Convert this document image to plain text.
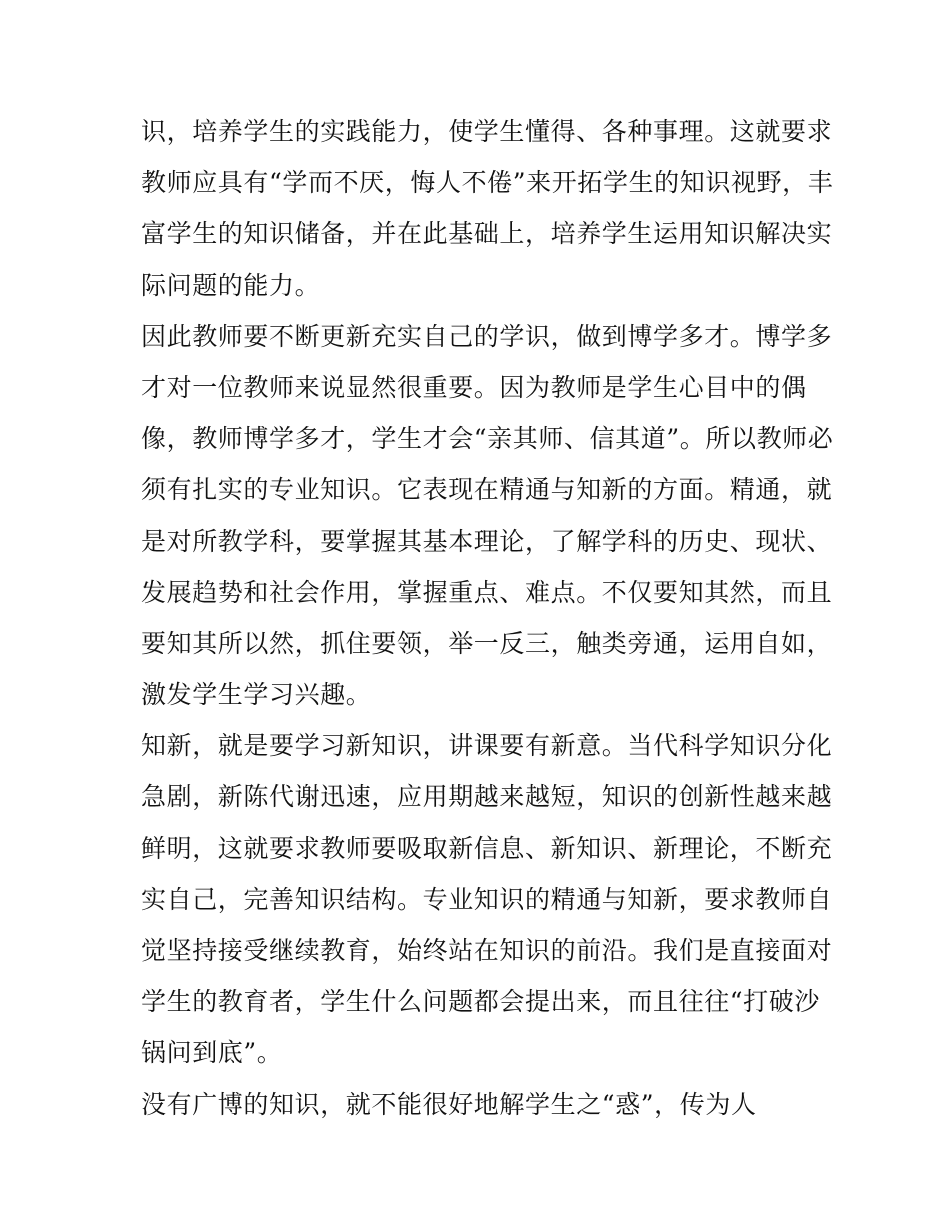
识，培养学生的实践能力，使学生懂得、各种事理。这就要求
教师应具有“学而不厌，悔人不倦”来开拓学生的知识视野，丰
富学生的知识储备，并在此基础上，培养学生运用知识解决实
际问题的能力。
因此教师要不断更新充实自己的学识，做到博学多才。博学多
才对一位教师来说显然很重要。因为教师是学生心目中的偶
像，教师博学多才，学生才会“亲其师、信其道”。所以教师必
须有扎实的专业知识。它表现在精通与知新的方面。精通，就
是对所教学科，要掌握其基本理论，了解学科的历史、现状、
发展趋势和社会作用，掌握重点、难点。不仅要知其然，而且
要知其所以然，抓住要领，举一反三，触类旁通，运用自如，
激发学生学习兴趣。
知新，就是要学习新知识，讲课要有新意。当代科学知识分化
急剧，新陈代谢迅速，应用期越来越短，知识的创新性越来越
鲜明，这就要求教师要吸取新信息、新知识、新理论，不断充
实自己，完善知识结构。专业知识的精通与知新，要求教师自
觉坚持接受继续教育，始终站在知识的前沿。我们是直接面对
学生的教育者，学生什么问题都会提出来，而且往往“打破沙
锅问到底”。
没有广博的知识，就不能很好地解学生之“惑”，传为人
